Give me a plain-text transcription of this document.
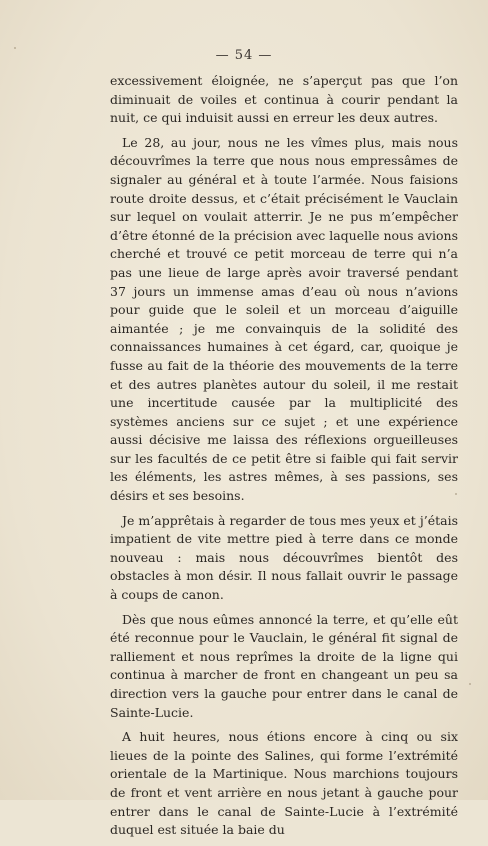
— 54 —

excessivement éloignée, ne s’aperçut pas que l’on diminuait de voiles et continua à courir pendant la nuit, ce qui induisit aussi en erreur les deux autres.

Le 28, au jour, nous ne les vîmes plus, mais nous découvrîmes la terre que nous nous empressâmes de signaler au général et à toute l’armée. Nous faisions route droite dessus, et c’était précisément le Vauclain sur lequel on voulait atterrir. Je ne pus m’empêcher d’être étonné de la précision avec laquelle nous avions cherché et trouvé ce petit morceau de terre qui n’a pas une lieue de large après avoir traversé pendant 37 jours un immense amas d’eau où nous n’avions pour guide que le soleil et un morceau d’aiguille aimantée ; je me convainquis de la solidité des connaissances humaines à cet égard, car, quoique je fusse au fait de la théorie des mouvements de la terre et des autres planètes autour du soleil, il me restait une incertitude causée par la multiplicité des systèmes anciens sur ce sujet ; et une expérience aussi décisive me laissa des réflexions orgueilleuses sur les facultés de ce petit être si faible qui fait servir les éléments, les astres mêmes, à ses passions, ses désirs et ses besoins.

Je m’apprêtais à regarder de tous mes yeux et j’étais impatient de vite mettre pied à terre dans ce monde nouveau : mais nous découvrîmes bientôt des obstacles à mon désir. Il nous fallait ouvrir le passage à coups de canon.

Dès que nous eûmes annoncé la terre, et qu’elle eût été reconnue pour le Vauclain, le général fit signal de ralliement et nous reprîmes la droite de la ligne qui continua à marcher de front en changeant un peu sa direction vers la gauche pour entrer dans le canal de Sainte-Lucie.

A huit heures, nous étions encore à cinq ou six lieues de la pointe des Salines, qui forme l’extrémité orientale de la Martinique. Nous marchions toujours de front et vent arrière en nous jetant à gauche pour entrer dans le canal de Sainte-Lucie à l’extrémité duquel est située la baie du
